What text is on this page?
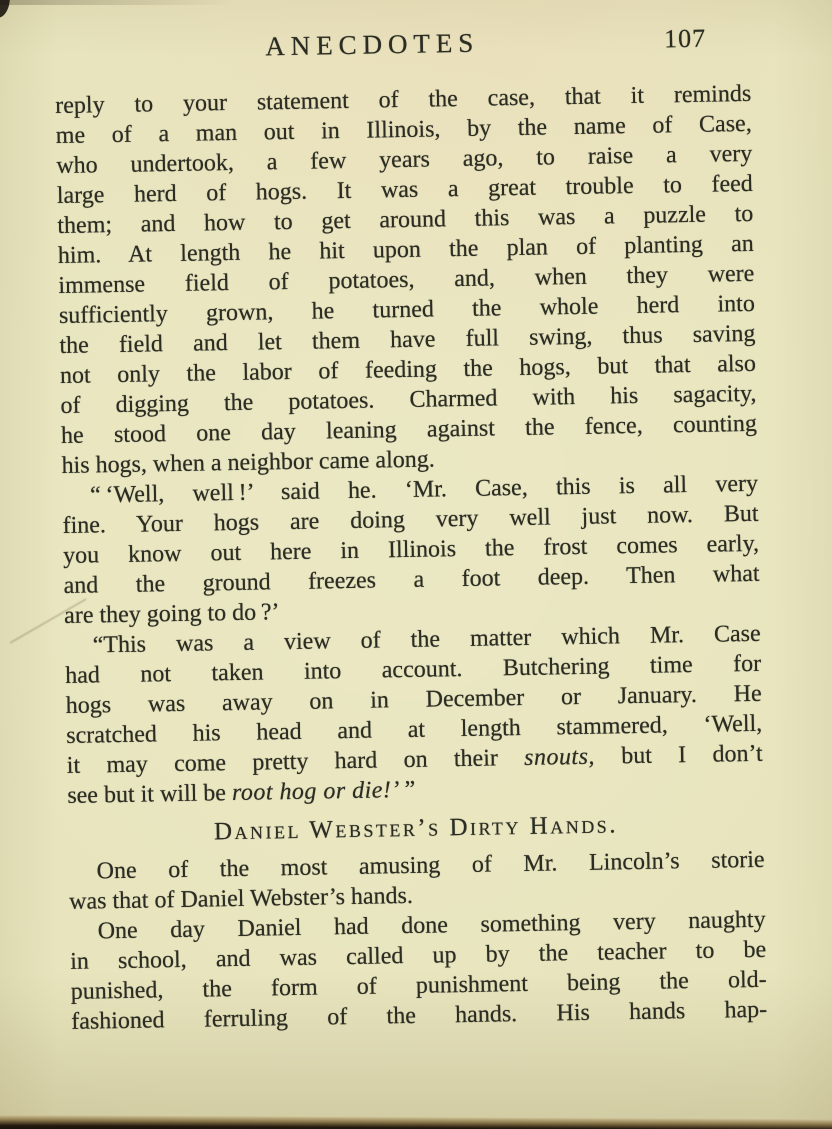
ANECDOTES	107
reply to your statement of the case, that it reminds
me of a man out in Illinois, by the name of Case,
who undertook, a few years ago, to raise a very
large herd of hogs. It was a great trouble to feed
them; and how to get around this was a puzzle to
him. At length he hit upon the plan of planting an
immense field of potatoes, and, when they were
sufficiently grown, he turned the whole herd into
the field and let them have full swing, thus saving
not only the labor of feeding the hogs, but that also
of digging the potatoes. Charmed with his sagacity,
he stood one day leaning against the fence, counting
his hogs, when a neighbor came along.
“ ‘Well, well !’ said he. ‘Mr. Case, this is all very
fine. Your hogs are doing very well just now. But
you know out here in Illinois the frost comes early,
and the ground freezes a foot deep. Then what
are they going to do ?’
“This was a view of the matter which Mr. Case
had not taken into account. Butchering time for
hogs was away on in December or January. He
scratched his head and at length stammered, ‘Well,
it may come pretty hard on their snouts, but I don’t
see but it will be root hog or die!’ ”
Daniel Webster’s Dirty Hands.
One of the most amusing of Mr. Lincoln’s storie
was that of Daniel Webster’s hands.
One day Daniel had done something very naughty
in school, and was called up by the teacher to be
punished, the form of punishment being the old-
fashioned ferruling of the hands. His hands hap-
